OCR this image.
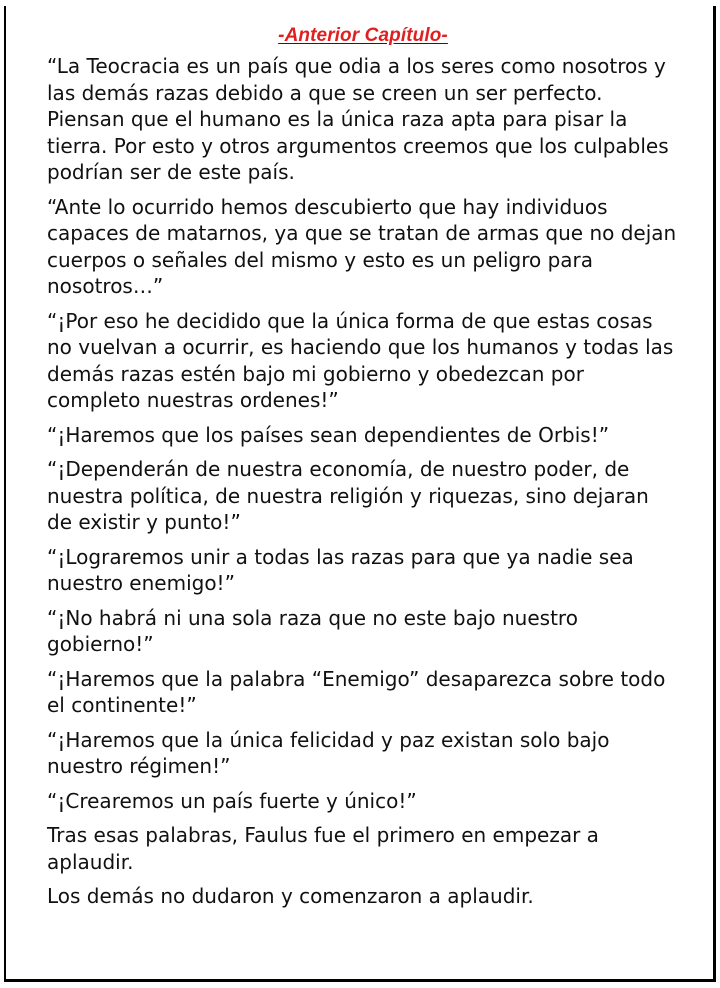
-Anterior Capítulo-

“La Teocracia es un país que odia a los seres como nosotros y las demás razas debido a que se creen un ser perfecto. Piensan que el humano es la única raza apta para pisar la tierra. Por esto y otros argumentos creemos que los culpables podrían ser de este país.

“Ante lo ocurrido hemos descubierto que hay individuos capaces de matarnos, ya que se tratan de armas que no dejan cuerpos o señales del mismo y esto es un peligro para nosotros…”

“¡Por eso he decidido que la única forma de que estas cosas no vuelvan a ocurrir, es haciendo que los humanos y todas las demás razas estén bajo mi gobierno y obedezcan por completo nuestras ordenes!”

“¡Haremos que los países sean dependientes de Orbis!”

“¡Dependerán de nuestra economía, de nuestro poder, de nuestra política, de nuestra religión y riquezas, sino dejaran de existir y punto!”

“¡Lograremos unir a todas las razas para que ya nadie sea nuestro enemigo!”

“¡No habrá ni una sola raza que no este bajo nuestro gobierno!”

“¡Haremos que la palabra “Enemigo” desaparezca sobre todo el continente!”

“¡Haremos que la única felicidad y paz existan solo bajo nuestro régimen!”

“¡Crearemos un país fuerte y único!”

Tras esas palabras, Faulus fue el primero en empezar a aplaudir.

Los demás no dudaron y comenzaron a aplaudir.
